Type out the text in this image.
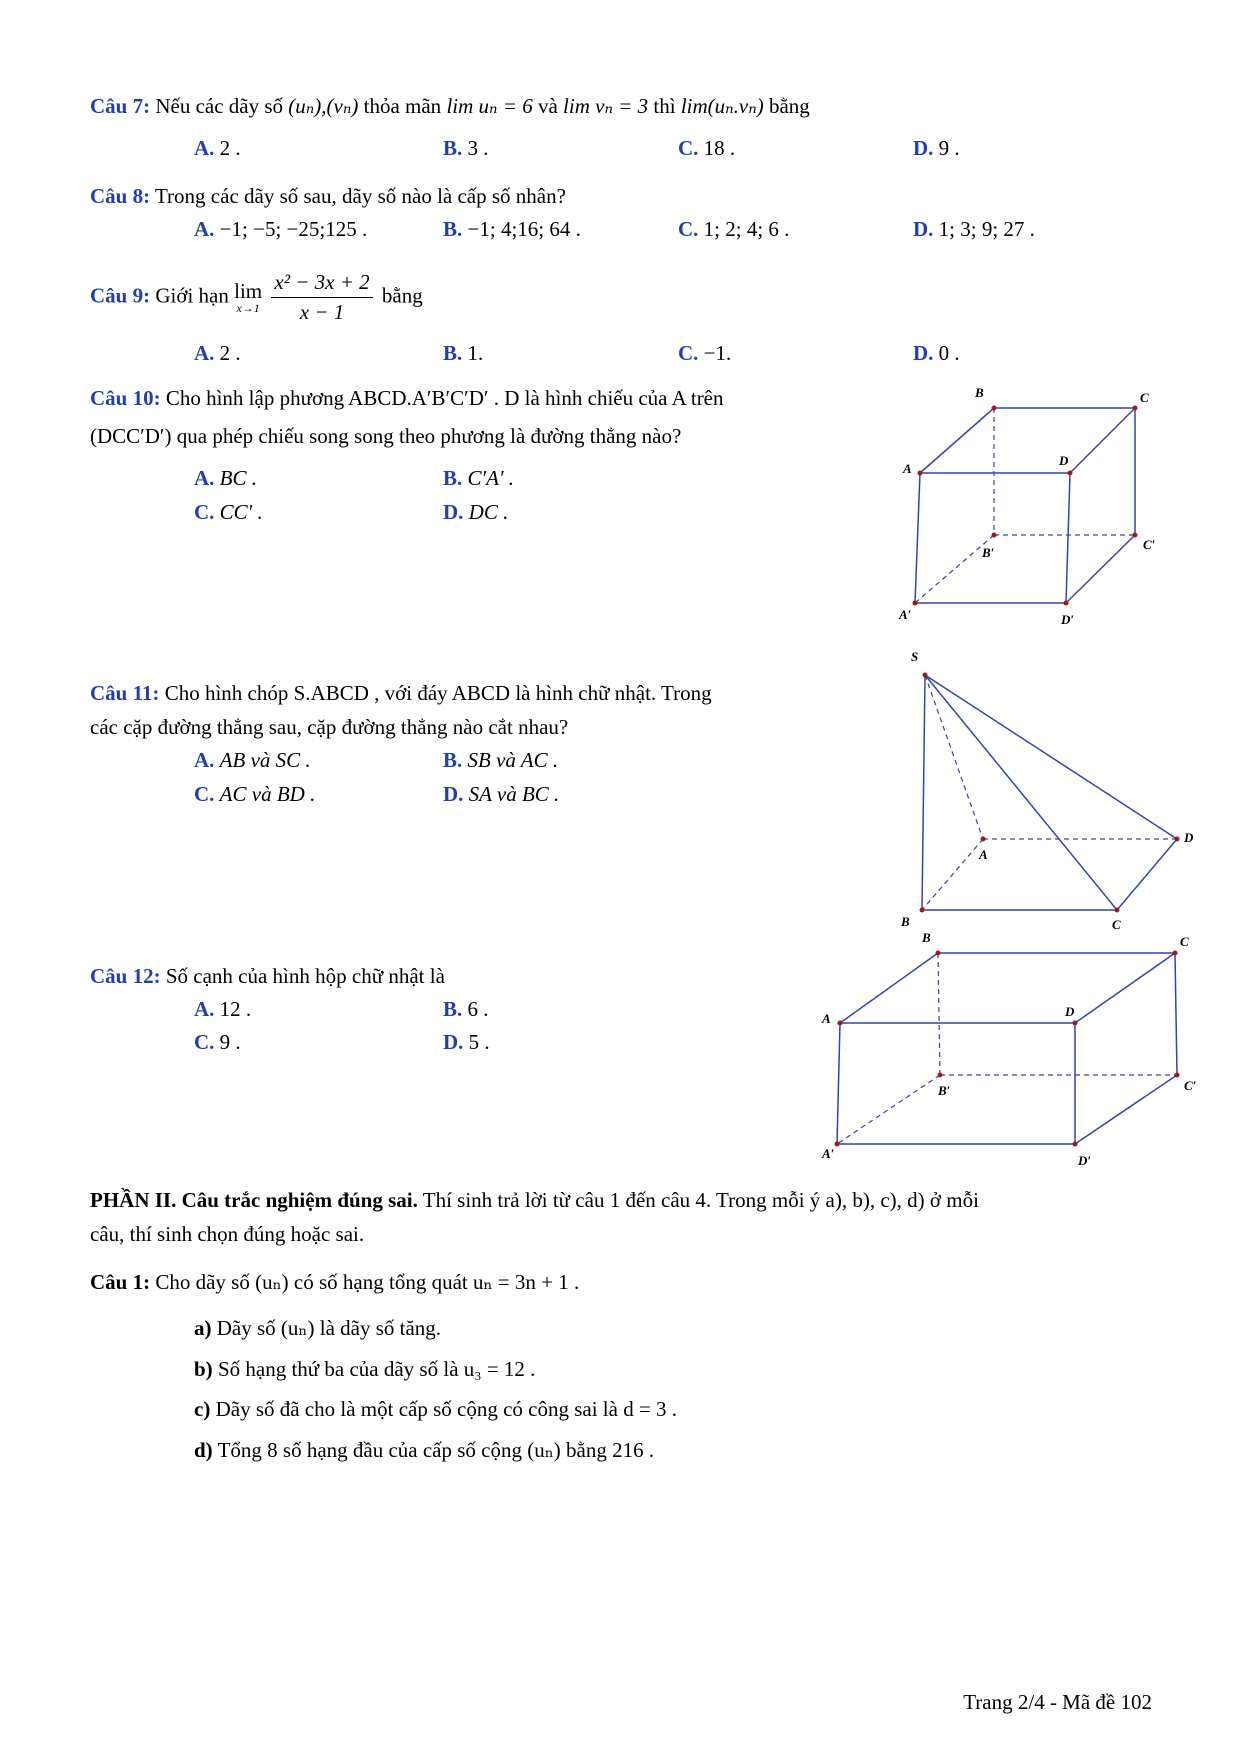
Câu 7: Nếu các dãy số (uₙ),(vₙ) thỏa mãn lim uₙ = 6 và lim vₙ = 3 thì lim(uₙ.vₙ) bằng
A. 2 .	B. 3 .	C. 18 .	D. 9 .
Câu 8: Trong các dãy số sau, dãy số nào là cấp số nhân?
A. −1; −5; −25;125 .	B. −1; 4;16; 64 .	C. 1; 2; 4; 6 .	D. 1; 3; 9; 27 .
Câu 9: Giới hạn lim
x→1
$\frac{\text{x² − 3x + 2}}{x - 1}$ bằng
A. 2 .	B. 1.	C. −1.	D. 0 .
Câu 10: Cho hình lập phương ABCD.A′B′C′D′ . D là hình chiếu của A trên
(DCC′D′) qua phép chiếu song song theo phương là đường thẳng nào?
A. BC .	B. C′A′ .
C. CC′ .	D. DC .
B	C
A
D
B′
C′
A′	D′
Câu 11: Cho hình chóp S.ABCD , với đáy ABCD là hình chữ nhật. Trong
các cặp đường thẳng sau, cặp đường thẳng nào cắt nhau?
A. AB và SC .	B. SB và AC .
C. AC và BD .	D. SA và BC .
S
A
D
B	C
Câu 12: Số cạnh của hình hộp chữ nhật là
A. 12 .	B. 6 .
C. 9 .	D. 5 .
B	C
A	D
B′	C′
A′	D′
PHẦN II. Câu trắc nghiệm đúng sai. Thí sinh trả lời từ câu 1 đến câu 4. Trong mỗi ý a), b), c), d) ở mỗi
câu, thí sinh chọn đúng hoặc sai.
Câu 1: Cho dãy số (uₙ) có số hạng tổng quát uₙ = 3n + 1 .
a) Dãy số (uₙ) là dãy số tăng.
b) Số hạng thứ ba của dãy số là u₃ = 12 .
c) Dãy số đã cho là một cấp số cộng có công sai là d = 3 .
d) Tổng 8 số hạng đầu của cấp số cộng (uₙ) bằng 216 .
Trang 2/4 - Mã đề 102
